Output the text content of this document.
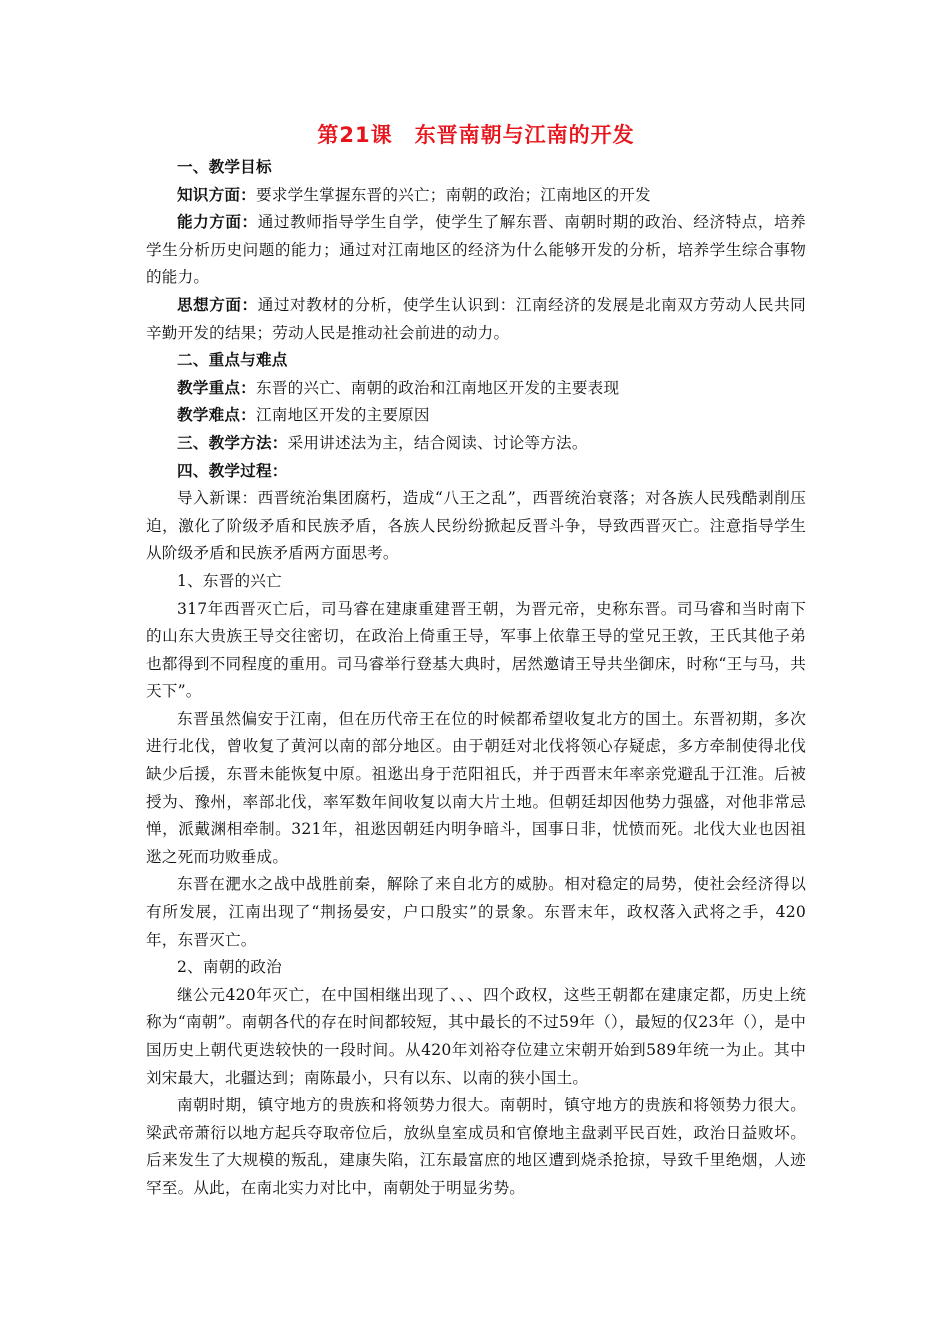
第21课 东晋南朝与江南的开发

一、教学目标

知识方面：要求学生掌握东晋的兴亡；南朝的政治；江南地区的开发

能力方面：通过教师指导学生自学，使学生了解东晋、南朝时期的政治、经济特点，培养学生分析历史问题的能力；通过对江南地区的经济为什么能够开发的分析，培养学生综合事物的能力。

思想方面：通过对教材的分析，使学生认识到：江南经济的发展是北南双方劳动人民共同辛勤开发的结果；劳动人民是推动社会前进的动力。

二、重点与难点

教学重点：东晋的兴亡、南朝的政治和江南地区开发的主要表现

教学难点：江南地区开发的主要原因

三、教学方法：采用讲述法为主，结合阅读、讨论等方法。

四、教学过程：

导入新课：西晋统治集团腐朽，造成“八王之乱”，西晋统治衰落；对各族人民残酷剥削压迫，激化了阶级矛盾和民族矛盾，各族人民纷纷掀起反晋斗争，导致西晋灭亡。注意指导学生从阶级矛盾和民族矛盾两方面思考。

1、东晋的兴亡

317年西晋灭亡后，司马睿在建康重建晋王朝，为晋元帝，史称东晋。司马睿和当时南下的山东大贵族王导交往密切，在政治上倚重王导，军事上依靠王导的堂兄王敦，王氏其他子弟也都得到不同程度的重用。司马睿举行登基大典时，居然邀请王导共坐御床，时称“王与马，共天下”。

东晋虽然偏安于江南，但在历代帝王在位的时候都希望收复北方的国土。东晋初期，多次进行北伐，曾收复了黄河以南的部分地区。由于朝廷对北伐将领心存疑虑，多方牵制使得北伐缺少后援，东晋未能恢复中原。祖逖出身于范阳祖氏，并于西晋末年率亲党避乱于江淮。后被授为、豫州，率部北伐，率军数年间收复以南大片土地。但朝廷却因他势力强盛，对他非常忌惮，派戴渊相牵制。321年，祖逖因朝廷内明争暗斗，国事日非，忧愤而死。北伐大业也因祖逖之死而功败垂成。

东晋在淝水之战中战胜前秦，解除了来自北方的威胁。相对稳定的局势，使社会经济得以有所发展，江南出现了“荆扬晏安，户口殷实”的景象。东晋末年，政权落入武将之手，420年，东晋灭亡。

2、南朝的政治

继公元420年灭亡，在中国相继出现了、、、四个政权，这些王朝都在建康定都，历史上统称为“南朝”。南朝各代的存在时间都较短，其中最长的不过59年（），最短的仅23年（），是中国历史上朝代更迭较快的一段时间。从420年刘裕夺位建立宋朝开始到589年统一为止。其中刘宋最大，北疆达到；南陈最小，只有以东、以南的狭小国土。

南朝时期，镇守地方的贵族和将领势力很大。南朝时，镇守地方的贵族和将领势力很大。梁武帝萧衍以地方起兵夺取帝位后，放纵皇室成员和官僚地主盘剥平民百姓，政治日益败坏。后来发生了大规模的叛乱，建康失陷，江东最富庶的地区遭到烧杀抢掠，导致千里绝烟，人迹罕至。从此，在南北实力对比中，南朝处于明显劣势。
